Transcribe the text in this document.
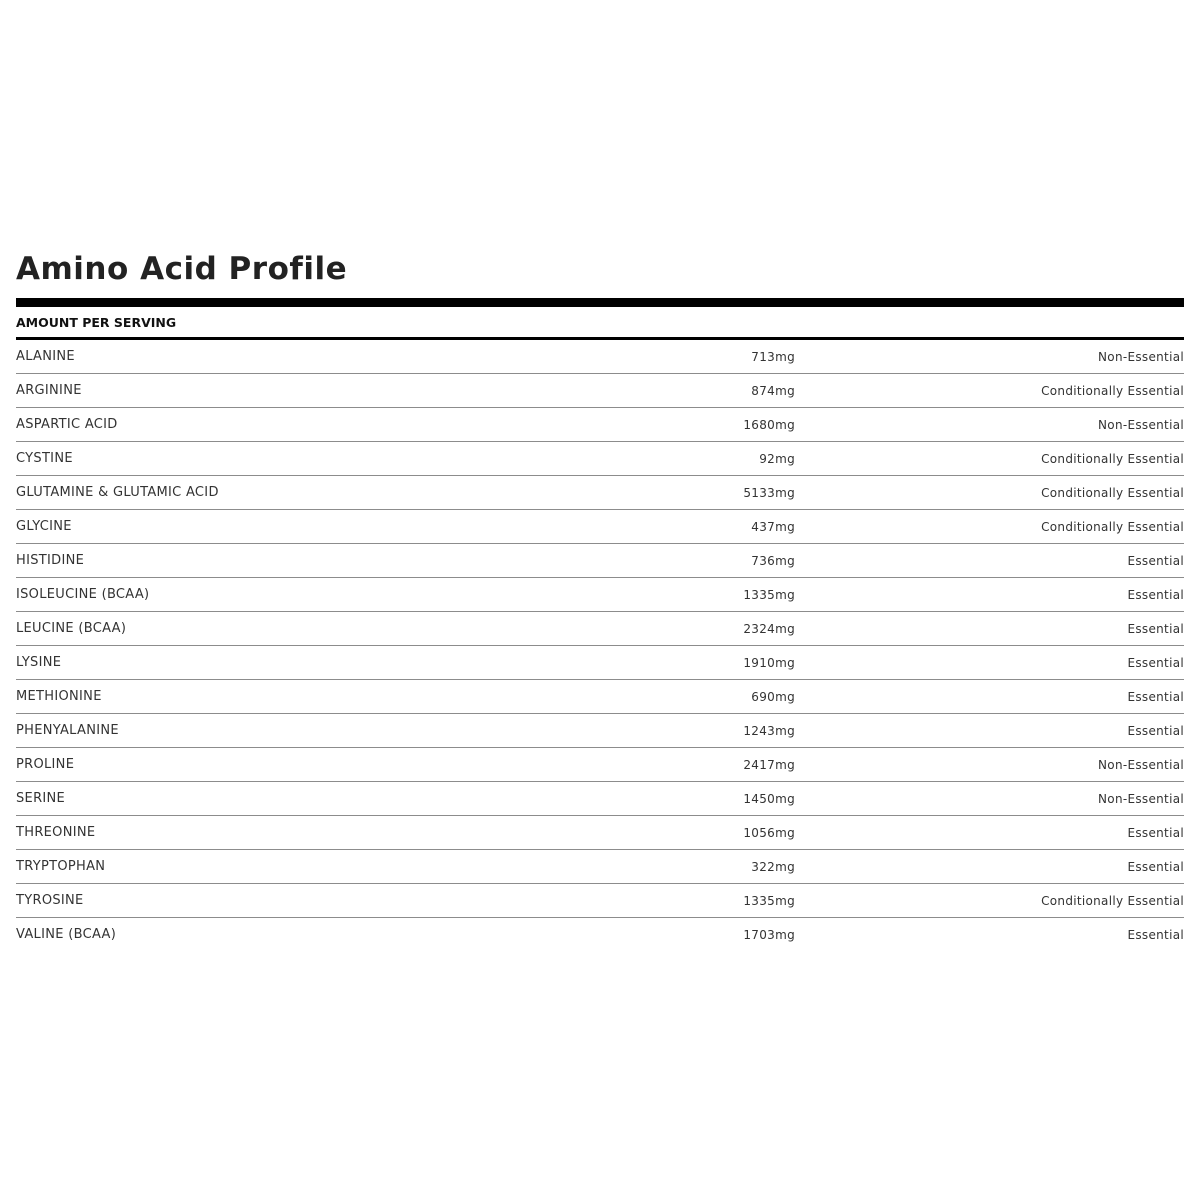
Amino Acid Profile
AMOUNT PER SERVING
ALANINE	713mg	Non-Essential
ARGININE	874mg	Conditionally Essential
ASPARTIC ACID	1680mg	Non-Essential
CYSTINE	92mg	Conditionally Essential
GLUTAMINE & GLUTAMIC ACID	5133mg	Conditionally Essential
GLYCINE	437mg	Conditionally Essential
HISTIDINE	736mg	Essential
ISOLEUCINE (BCAA)	1335mg	Essential
LEUCINE (BCAA)	2324mg	Essential
LYSINE	1910mg	Essential
METHIONINE	690mg	Essential
PHENYALANINE	1243mg	Essential
PROLINE	2417mg	Non-Essential
SERINE	1450mg	Non-Essential
THREONINE	1056mg	Essential
TRYPTOPHAN	322mg	Essential
TYROSINE	1335mg	Conditionally Essential
VALINE (BCAA)	1703mg	Essential
